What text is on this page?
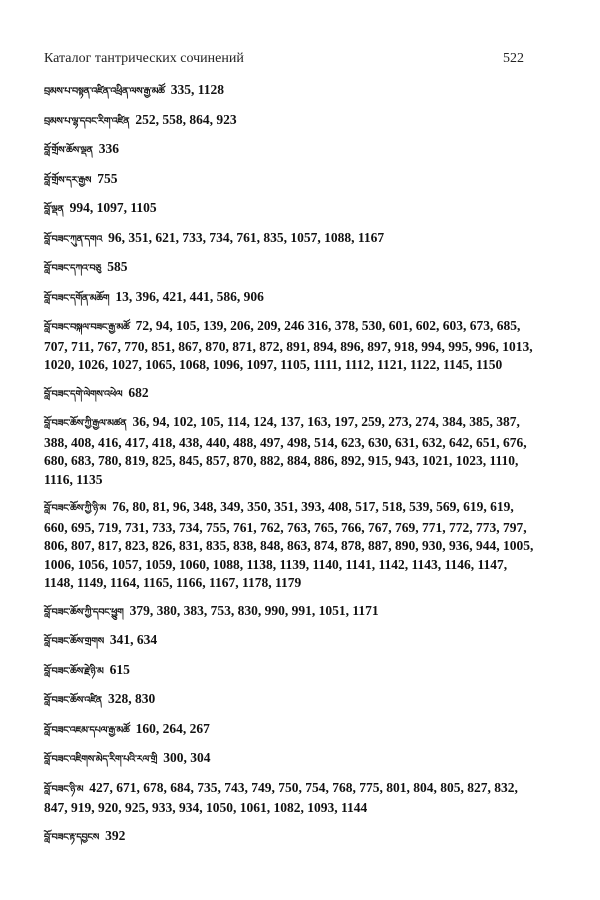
Каталог тантрических сочинений	522
བྲམས་པ་བསྟན་འཛིན་འཕྲིན་ལས་རྒྱ་མཚོ 335, 1128
བྲམས་པ་ལྷ་དབང་རིག་འཛིན 252, 558, 864, 923
བློ་གྲོས་ཆོས་ལྡན 336
བློ་གྲོས་དར་རྒྱས 755
བློ་ལྡན 994, 1097, 1105
བློ་བཟང་ཀུན་དགའ 96, 351, 621, 733, 734, 761, 835, 1057, 1088, 1167
བློ་བཟང་དཀའ་བཅུ 585
བློ་བཟང་དགོན་མཆོག 13, 396, 421, 441, 586, 906
བློ་བཟང་བསྐལ་བཟང་རྒྱ་མཚོ 72, 94, 105, 139, 206, 209, 246 316, 378, 530, 601, 602, 603, 673, 685, 707, 711, 767, 770, 851, 867, 870, 871, 872, 891, 894, 896, 897, 918, 994, 995, 996, 1013, 1020, 1026, 1027, 1065, 1068, 1096, 1097, 1105, 1111, 1112, 1121, 1122, 1145, 1150
བློ་བཟང་དགེ་ལེགས་འཕེལ 682
བློ་བཟང་ཆོས་ཀྱི་རྒྱལ་མཚན 36, 94, 102, 105, 114, 124, 137, 163, 197, 259, 273, 274, 384, 385, 387, 388, 408, 416, 417, 418, 438, 440, 488, 497, 498, 514, 623, 630, 631, 632, 642, 651, 676, 680, 683, 780, 819, 825, 845, 857, 870, 882, 884, 886, 892, 915, 943, 1021, 1023, 1110, 1116, 1135
བློ་བཟང་ཆོས་ཀྱི་ཉི་མ 76, 80, 81, 96, 348, 349, 350, 351, 393, 408, 517, 518, 539, 569, 619, 619, 660, 695, 719, 731, 733, 734, 755, 761, 762, 763, 765, 766, 767, 769, 771, 772, 773, 797, 806, 807, 817, 823, 826, 831, 835, 838, 848, 863, 874, 878, 887, 890, 930, 936, 944, 1005, 1006, 1056, 1057, 1059, 1060, 1088, 1138, 1139, 1140, 1141, 1142, 1143, 1146, 1147, 1148, 1149, 1164, 1165, 1166, 1167, 1178, 1179
བློ་བཟང་ཆོས་ཀྱི་དབང་ཕྱུག 379, 380, 383, 753, 830, 990, 991, 1051, 1171
བློ་བཟང་ཆོས་གྲགས 341, 634
བློ་བཟང་ཆོས་རྗེ་ཉི་མ 615
བློ་བཟང་ཆོས་འཛིན 328, 830
བློ་བཟང་འཇམ་དཔལ་རྒྱ་མཚོ 160, 264, 267
བློ་བཟང་འཇིགས་མེད་རིག་པའི་རལ་གྲི 300, 304
བློ་བཟང་ཉི་མ 427, 671, 678, 684, 735, 743, 749, 750, 754, 768, 775, 801, 804, 805, 827, 832, 847, 919, 920, 925, 933, 934, 1050, 1061, 1082, 1093, 1144
བློ་བཟང་རྟ་དབྱངས 392
